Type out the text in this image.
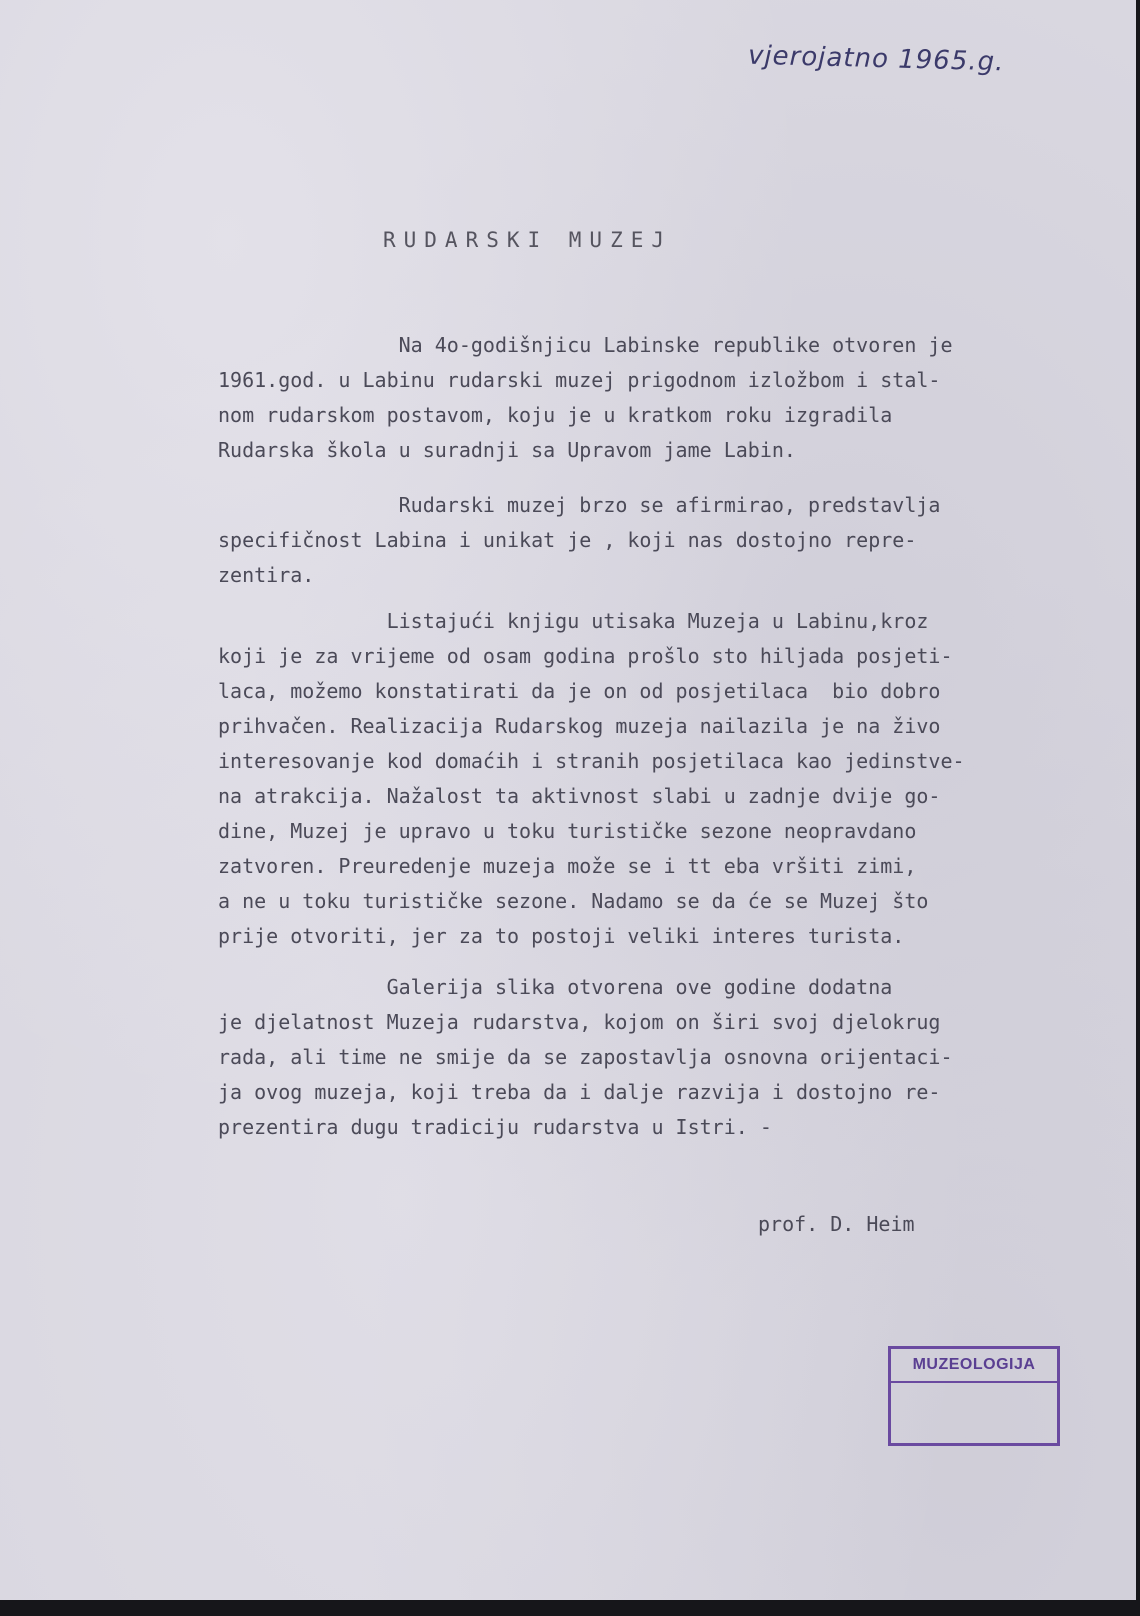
vjerojatno 1965.g.
RUDARSKI MUZEJ
Na 4o-godišnjicu Labinske republike otvoren je
1961.god. u Labinu rudarski muzej prigodnom izložbom i stal-
nom rudarskom postavom, koju je u kratkom roku izgradila
Rudarska škola u suradnji sa Upravom jame Labin.
Rudarski muzej brzo se afirmirao, predstavlja
specifičnost Labina i unikat je , koji nas dostojno repre-
zentira.
Listajući knjigu utisaka Muzeja u Labinu,kroz
koji je za vrijeme od osam godina prošlo sto hiljada posjeti-
laca, možemo konstatirati da je on od posjetilaca  bio dobro
prihvačen. Realizacija Rudarskog muzeja nailazila je na živo
interesovanje kod domaćih i stranih posjetilaca kao jedinstve-
na atrakcija. Nažalost ta aktivnost slabi u zadnje dvije go-
dine, Muzej je upravo u toku turističke sezone neopravdano
zatvoren. Preuredenje muzeja može se i tt eba vršiti zimi,
a ne u toku turističke sezone. Nadamo se da će se Muzej što
prije otvoriti, jer za to postoji veliki interes turista.
Galerija slika otvorena ove godine dodatna
je djelatnost Muzeja rudarstva, kojom on širi svoj djelokrug
rada, ali time ne smije da se zapostavlja osnovna orijentaci-
ja ovog muzeja, koji treba da i dalje razvija i dostojno re-
prezentira dugu tradiciju rudarstva u Istri. -
prof. D. Heim
MUZEOLOGIJA
